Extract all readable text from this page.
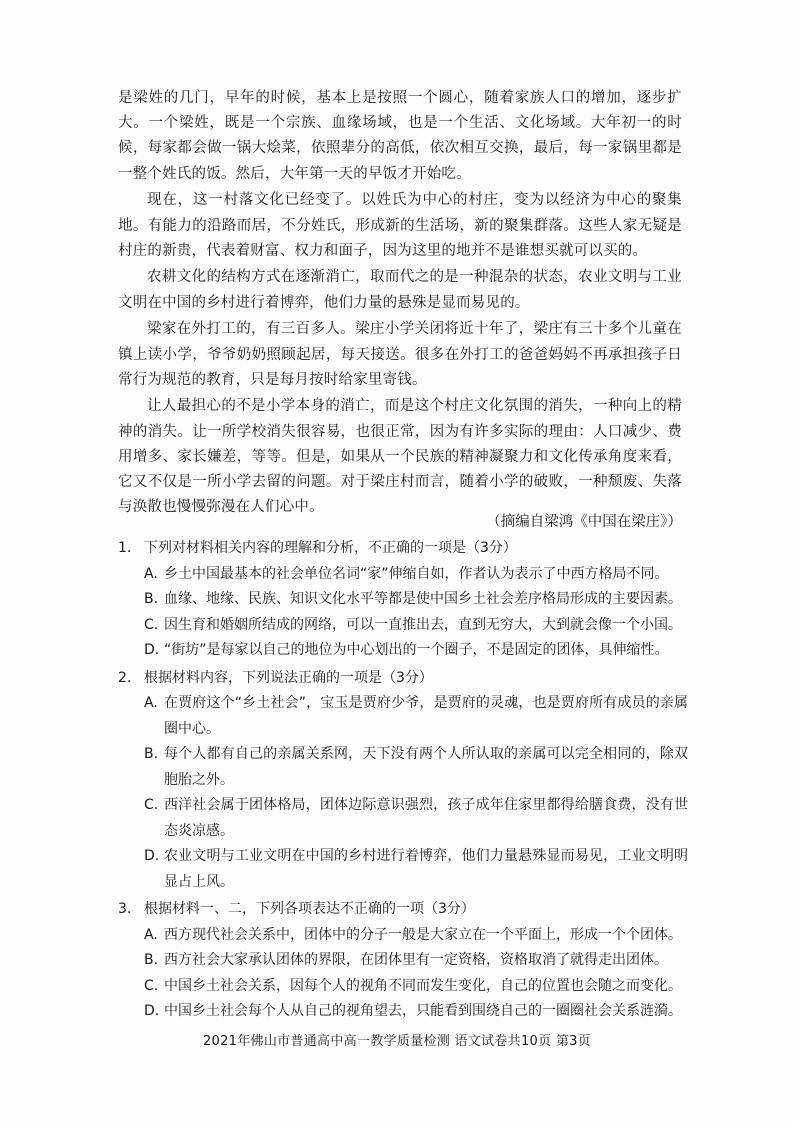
是梁姓的几门，早年的时候，基本上是按照一个圆心，随着家族人口的增加，逐步扩大。一个梁姓，既是一个宗族、血缘场域，也是一个生活、文化场域。大年初一的时候，每家都会做一锅大烩菜，依照辈分的高低，依次相互交换，最后，每一家锅里都是一整个姓氏的饭。然后，大年第一天的早饭才开始吃。

现在，这一村落文化已经变了。以姓氏为中心的村庄，变为以经济为中心的聚集地。有能力的沿路而居，不分姓氏，形成新的生活场，新的聚集群落。这些人家无疑是村庄的新贵，代表着财富、权力和面子，因为这里的地并不是谁想买就可以买的。

农耕文化的结构方式在逐渐消亡，取而代之的是一种混杂的状态，农业文明与工业文明在中国的乡村进行着博弈，他们力量的悬殊是显而易见的。

梁家在外打工的，有三百多人。梁庄小学关闭将近十年了，梁庄有三十多个儿童在镇上读小学，爷爷奶奶照顾起居，每天接送。很多在外打工的爸爸妈妈不再承担孩子日常行为规范的教育，只是每月按时给家里寄钱。

让人最担心的不是小学本身的消亡，而是这个村庄文化氛围的消失，一种向上的精神的消失。让一所学校消失很容易，也很正常，因为有许多实际的理由：人口减少、费用增多、家长嫌差，等等。但是，如果从一个民族的精神凝聚力和文化传承角度来看，它又不仅是一所小学去留的问题。对于梁庄村而言，随着小学的破败，一种颓废、失落与涣散也慢慢弥漫在人们心中。

（摘编自梁鸿《中国在梁庄》）
1. 下列对材料相关内容的理解和分析，不正确的一项是（3分）
A. 乡土中国最基本的社会单位名词“家”伸缩自如，作者认为表示了中西方格局不同。
B. 血缘、地缘、民族、知识文化水平等都是使中国乡土社会差序格局形成的主要因素。
C. 因生育和婚姻所结成的网络，可以一直推出去，直到无穷大，大到就会像一个小国。
D. “街坊”是每家以自己的地位为中心划出的一个圈子，不是固定的团体，具伸缩性。
2. 根据材料内容，下列说法正确的一项是（3分）
A. 在贾府这个“乡土社会”，宝玉是贾府少爷，是贾府的灵魂，也是贾府所有成员的亲属圈中心。
B. 每个人都有自己的亲属关系网，天下没有两个人所认取的亲属可以完全相同的，除双胞胎之外。
C. 西洋社会属于团体格局，团体边际意识强烈，孩子成年住家里都得给膳食费，没有世态炎凉感。
D. 农业文明与工业文明在中国的乡村进行着博弈，他们力量悬殊显而易见，工业文明明显占上风。
3. 根据材料一、二，下列各项表达不正确的一项（3分）
A. 西方现代社会关系中，团体中的分子一般是大家立在一个平面上，形成一个个团体。
B. 西方社会大家承认团体的界限，在团体里有一定资格，资格取消了就得走出团体。
C. 中国乡土社会关系，因每个人的视角不同而发生变化，自己的位置也会随之而变化。
D. 中国乡土社会每个人从自己的视角望去，只能看到围绕自己的一圈圈社会关系涟漪。
2021年佛山市普通高中高一教学质量检测 语文试卷共10页 第3页
